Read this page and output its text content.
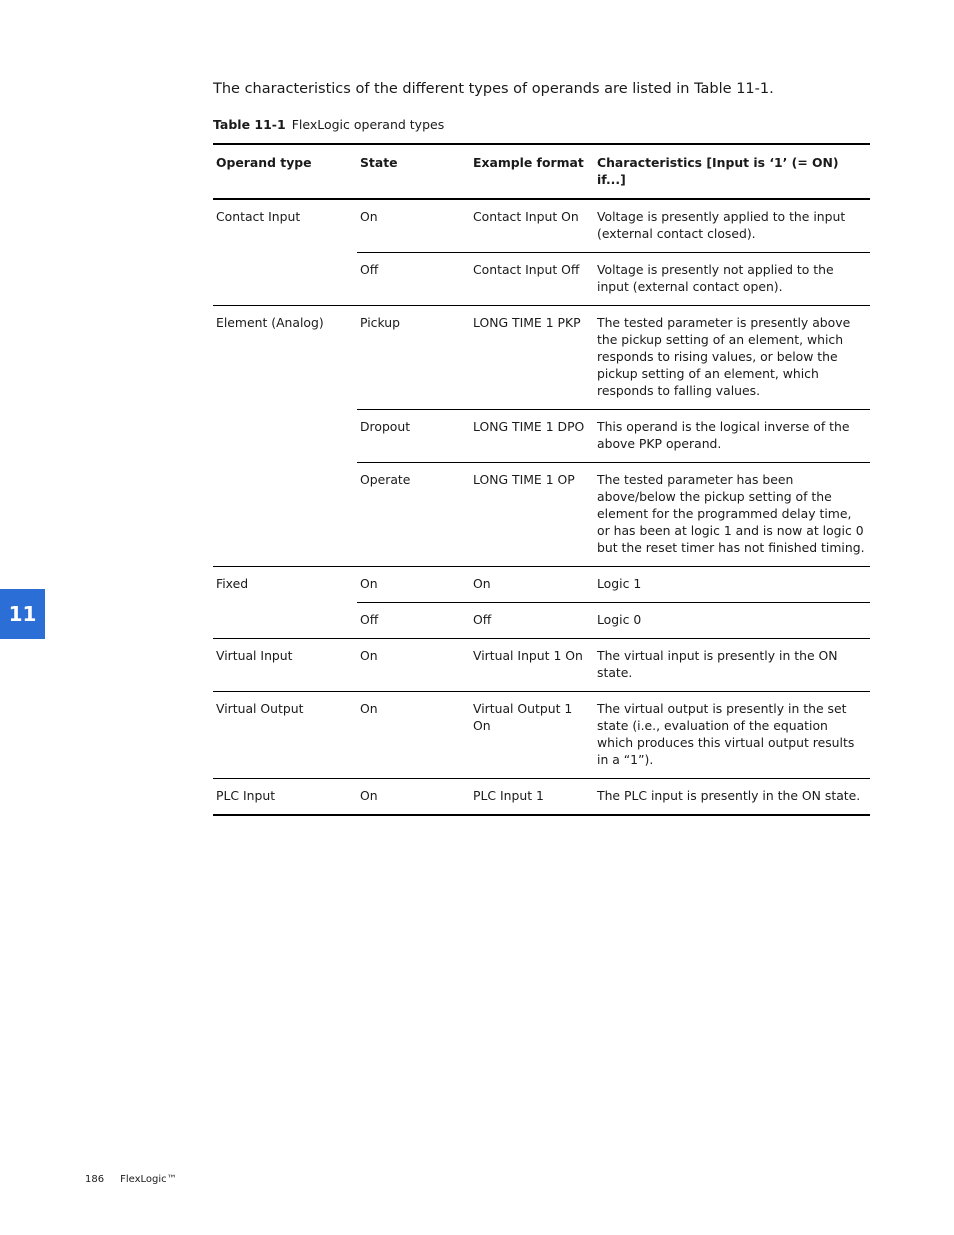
The characteristics of the different types of operands are listed in Table 11-1.

Table 11-1 FlexLogic operand types

Operand type	State	Example format	Characteristics [Input is ‘1’ (= ON) if...]
Contact Input	On	Contact Input On	Voltage is presently applied to the input (external contact closed).
	Off	Contact Input Off	Voltage is presently not applied to the input (external contact open).
Element (Analog)	Pickup	LONG TIME 1 PKP	The tested parameter is presently above the pickup setting of an element, which responds to rising values, or below the pickup setting of an element, which responds to falling values.
	Dropout	LONG TIME 1 DPO	This operand is the logical inverse of the above PKP operand.
	Operate	LONG TIME 1 OP	The tested parameter has been above/below the pickup setting of the element for the programmed delay time, or has been at logic 1 and is now at logic 0 but the reset timer has not finished timing.
Fixed	On	On	Logic 1
	Off	Off	Logic 0
Virtual Input	On	Virtual Input 1 On	The virtual input is presently in the ON state.
Virtual Output	On	Virtual Output 1 On	The virtual output is presently in the set state (i.e., evaluation of the equation which produces this virtual output results in a “1”).
PLC Input	On	PLC Input 1	The PLC input is presently in the ON state.
11
186 FlexLogic™
